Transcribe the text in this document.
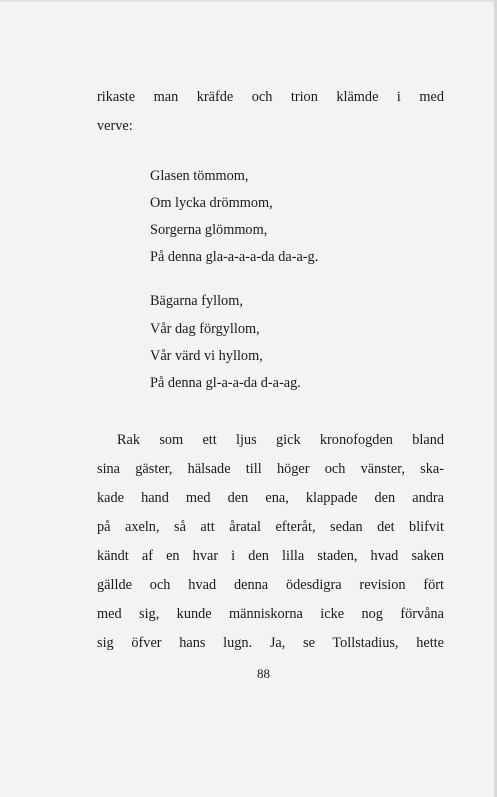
rikaste man kräfde och trion klämde i med

verve:

Glasen tömmom,

Om lycka drömmom,

Sorgerna glömmom,

På denna gla-a-a-a-da da-a-g.

Bägarna fyllom,

Vår dag förgyllom,

Vår värd vi hyllom,

På denna gl-a-a-da d-a-ag.

Rak som ett ljus gick kronofogden bland

sina gäster, hälsade till höger och vänster, ska-

kade hand med den ena, klappade den andra

på axeln, så att åratal efteråt, sedan det blifvit

kändt af en hvar i den lilla staden, hvad saken

gällde och hvad denna ödesdigra revision fört

med sig, kunde människorna icke nog förvåna

sig öfver hans lugn. Ja, se Tollstadius, hette

88
